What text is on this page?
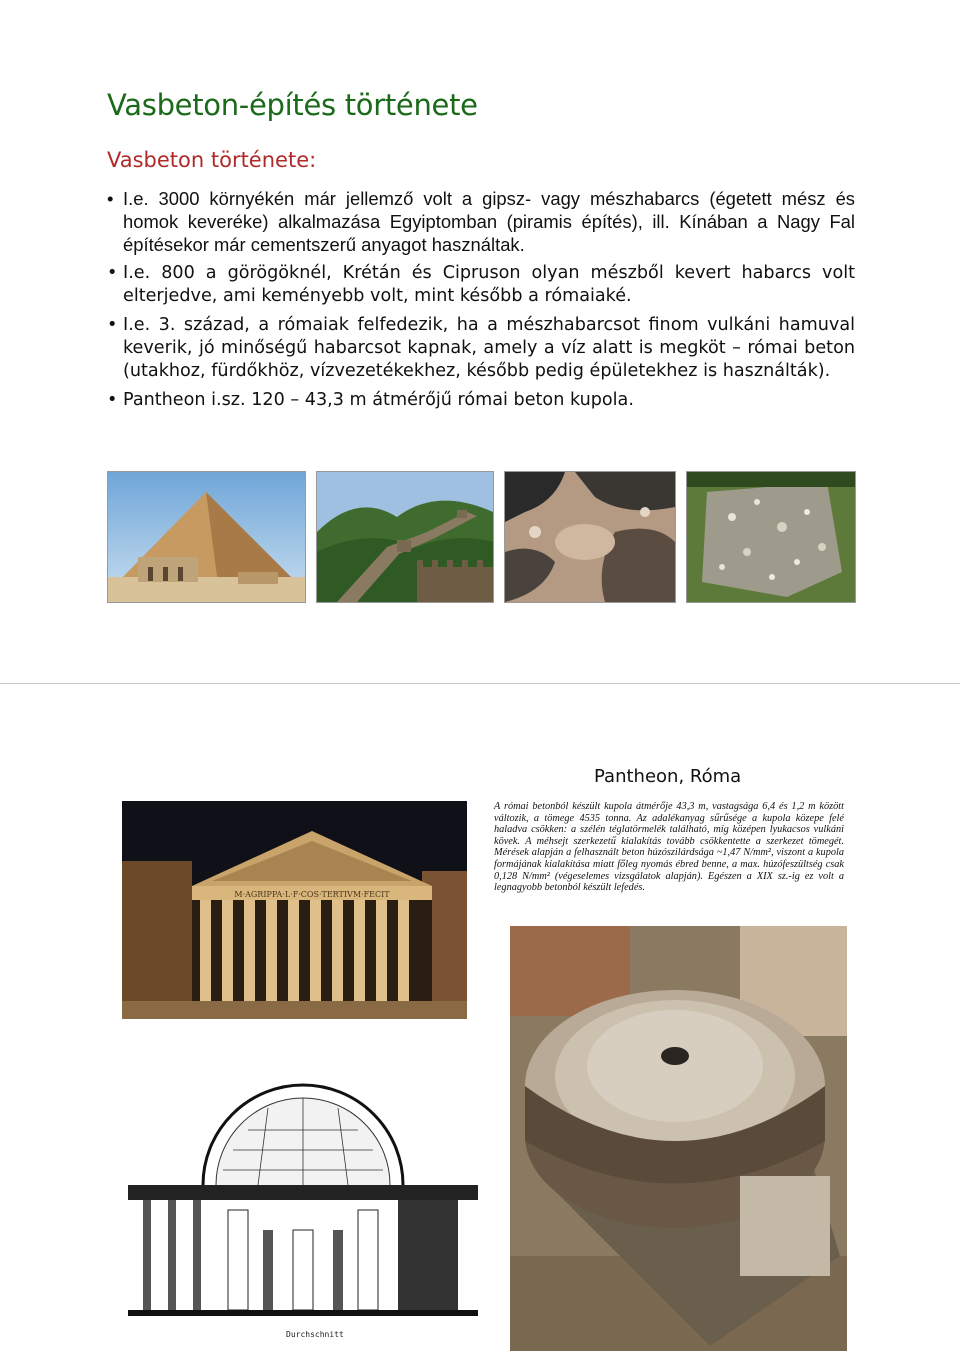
Vasbeton-építés története
Vasbeton története:
• I.e. 3000 környékén már jellemző volt a gipsz- vagy mészhabarcs (égetett mész és homok keveréke) alkalmazása Egyiptomban (piramis építés), ill. Kínában a Nagy Fal építésekor már cementszerű anyagot használtak.
• I.e. 800 a görögöknél, Krétán és Cipruson olyan mészből kevert habarcs volt elterjedve, ami keményebb volt, mint később a rómaiaké.
• I.e. 3. század, a rómaiak felfedezik, ha a mészhabarcsot finom vulkáni hamuval keverik, jó minőségű habarcsot kapnak, amely a víz alatt is megköt – római beton (utakhoz, fürdőkhöz, vízvezetékekhez, később pedig épületekhez is használták).
• Pantheon i.sz. 120 – 43,3 m átmérőjű római beton kupola.
Pantheon, Róma

A római betonból készült kupola átmérője 43,3 m, vastagsága 6,4 és 1,2 m között változik, a tömege 4535 tonna. Az adalékanyag sűrűsége a kupola közepe felé haladva csökken: a szélén téglatörmelék található, míg középen lyukacsos vulkáni kövek. A méhsejt szerkezetű kialakítás tovább csökkentette a szerkezet tömegét. Mérések alapján a felhasznált beton húzószilárdsága ~1,47 N/mm², viszont a kupola formájának kialakítása miatt főleg nyomás ébred benne, a max. húzófeszültség csak 0,128 N/mm² (végeselemes vizsgálatok alapján). Egészen a XIX sz.-ig ez volt a legnagyobb betonból készült lefedés.

M·AGRIPPA·L·F·COS·TERTIVM·FECIT
Durchschnitt
